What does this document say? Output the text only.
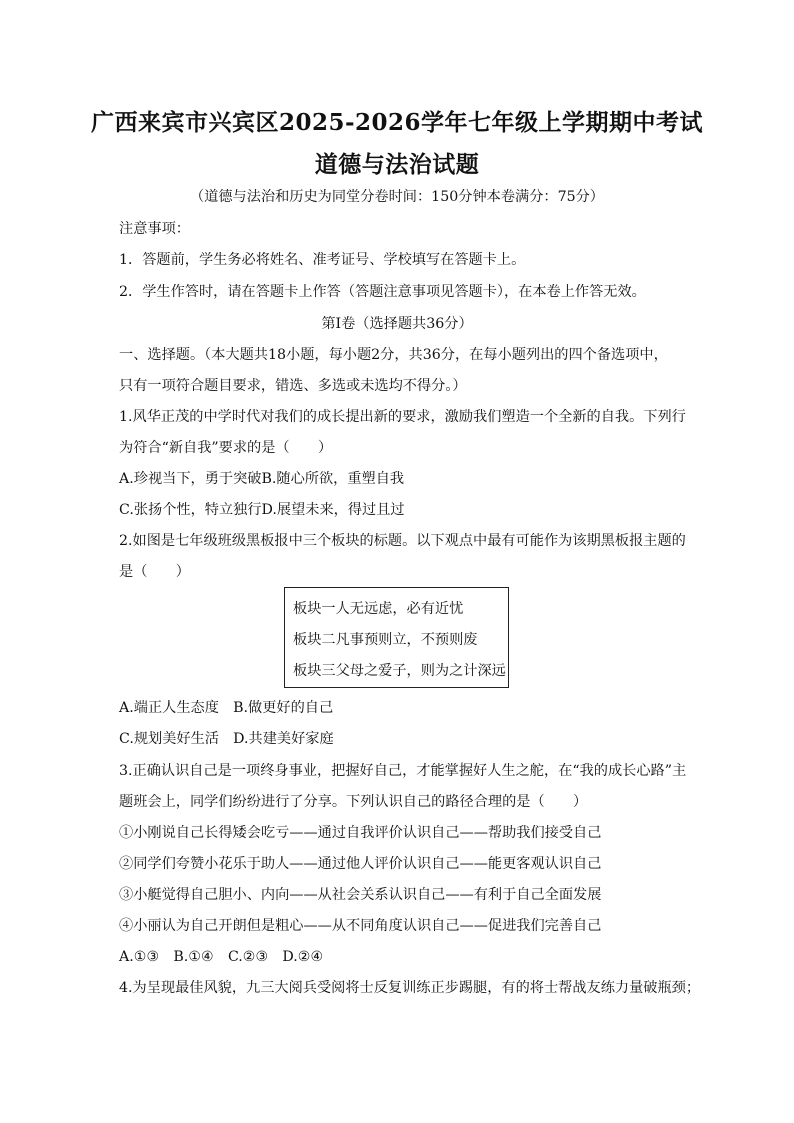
广西来宾市兴宾区2025-2026学年七年级上学期期中考试
道德与法治试题
（道德与法治和历史为同堂分卷时间：150分钟本卷满分：75分）
注意事项：
1．答题前，学生务必将姓名、准考证号、学校填写在答题卡上。
2．学生作答时，请在答题卡上作答（答题注意事项见答题卡），在本卷上作答无效。
第Ⅰ卷（选择题共36分）
一、选择题。（本大题共18小题，每小题2分，共36分，在每小题列出的四个备选项中，
只有一项符合题目要求，错选、多选或未选均不得分。）
1.风华正茂的中学时代对我们的成长提出新的要求，激励我们塑造一个全新的自我。下列行
为符合“新自我”要求的是（　　）
A.珍视当下，勇于突破B.随心所欲，重塑自我
C.张扬个性，特立独行D.展望未来，得过且过
2.如图是七年级班级黑板报中三个板块的标题。以下观点中最有可能作为该期黑板报主题的
是（　　）
板块一人无远虑，必有近忧
板块二凡事预则立，不预则废
板块三父母之爱子，则为之计深远
A.端正人生态度　B.做更好的自己
C.规划美好生活　D.共建美好家庭
3.正确认识自己是一项终身事业，把握好自己，才能掌握好人生之舵，在“我的成长心路”主
题班会上，同学们纷纷进行了分享。下列认识自己的路径合理的是（　　）
①小刚说自己长得矮会吃亏——通过自我评价认识自己——帮助我们接受自己
②同学们夸赞小花乐于助人——通过他人评价认识自己——能更客观认识自己
③小艇觉得自己胆小、内向——从社会关系认识自己——有利于自己全面发展
④小丽认为自己开朗但是粗心——从不同角度认识自己——促进我们完善自己
A.①③　B.①④　C.②③　D.②④
4.为呈现最佳风貌，九三大阅兵受阅将士反复训练正步踢腿，有的将士帮战友练力量破瓶颈；
